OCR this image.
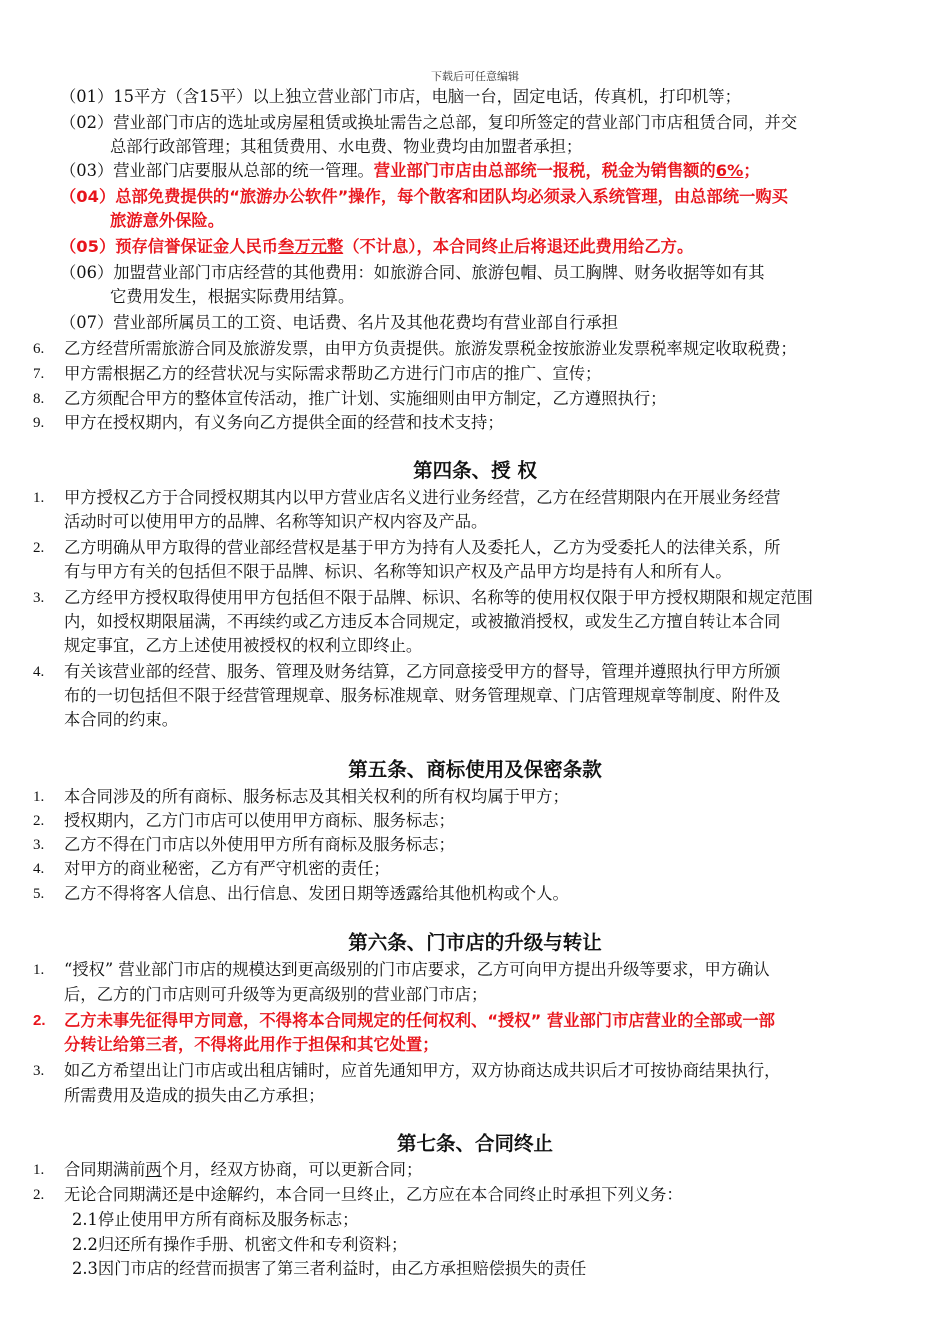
下载后可任意编辑
（01）15平方（含15平）以上独立营业部门市店，电脑一台，固定电话，传真机，打印机等；
（02）营业部门市店的选址或房屋租赁或换址需告之总部，复印所签定的营业部门市店租赁合同，并交
总部行政部管理；其租赁费用、水电费、物业费均由加盟者承担；
（03）营业部门店要服从总部的统一管理。营业部门市店由总部统一报税，税金为销售额的6%；
（04）总部免费提供的“旅游办公软件”操作，每个散客和团队均必须录入系统管理，由总部统一购买
旅游意外保险。
（05）预存信誉保证金人民币叁万元整（不计息），本合同终止后将退还此费用给乙方。
（06）加盟营业部门市店经营的其他费用：如旅游合同、旅游包帽、员工胸牌、财务收据等如有其
它费用发生，根据实际费用结算。
（07）营业部所属员工的工资、电话费、名片及其他花费均有营业部自行承担
6. 乙方经营所需旅游合同及旅游发票，由甲方负责提供。旅游发票税金按旅游业发票税率规定收取税费；
7. 甲方需根据乙方的经营状况与实际需求帮助乙方进行门市店的推广、宣传；
8. 乙方须配合甲方的整体宣传活动，推广计划、实施细则由甲方制定，乙方遵照执行；
9. 甲方在授权期内，有义务向乙方提供全面的经营和技术支持；
第四条、授 权
1. 甲方授权乙方于合同授权期其内以甲方营业店名义进行业务经营，乙方在经营期限内在开展业务经营
活动时可以使用甲方的品牌、名称等知识产权内容及产品。
2. 乙方明确从甲方取得的营业部经营权是基于甲方为持有人及委托人，乙方为受委托人的法律关系，所
有与甲方有关的包括但不限于品牌、标识、名称等知识产权及产品甲方均是持有人和所有人。
3. 乙方经甲方授权取得使用甲方包括但不限于品牌、标识、名称等的使用权仅限于甲方授权期限和规定范围
内，如授权期限届满，不再续约或乙方违反本合同规定，或被撤消授权，或发生乙方擅自转让本合同
规定事宜，乙方上述使用被授权的权利立即终止。
4. 有关该营业部的经营、服务、管理及财务结算，乙方同意接受甲方的督导，管理并遵照执行甲方所颁
布的一切包括但不限于经营管理规章、服务标准规章、财务管理规章、门店管理规章等制度、附件及
本合同的约束。
第五条、商标使用及保密条款
1. 本合同涉及的所有商标、服务标志及其相关权利的所有权均属于甲方；
2. 授权期内，乙方门市店可以使用甲方商标、服务标志；
3. 乙方不得在门市店以外使用甲方所有商标及服务标志；
4. 对甲方的商业秘密，乙方有严守机密的责任；
5. 乙方不得将客人信息、出行信息、发团日期等透露给其他机构或个人。
第六条、门市店的升级与转让
1. “授权” 营业部门市店的规模达到更高级别的门市店要求，乙方可向甲方提出升级等要求，甲方确认
后，乙方的门市店则可升级等为更高级别的营业部门市店；
2. 乙方未事先征得甲方同意，不得将本合同规定的任何权利、“授权” 营业部门市店营业的全部或一部
分转让给第三者，不得将此用作于担保和其它处置；
3. 如乙方希望出让门市店或出租店铺时，应首先通知甲方，双方协商达成共识后才可按协商结果执行，
所需费用及造成的损失由乙方承担；
第七条、合同终止
1. 合同期满前两个月，经双方协商，可以更新合同；
2. 无论合同期满还是中途解约，本合同一旦终止，乙方应在本合同终止时承担下列义务：
2.1停止使用甲方所有商标及服务标志；
2.2归还所有操作手册、机密文件和专利资料；
2.3因门市店的经营而损害了第三者利益时，由乙方承担赔偿损失的责任
